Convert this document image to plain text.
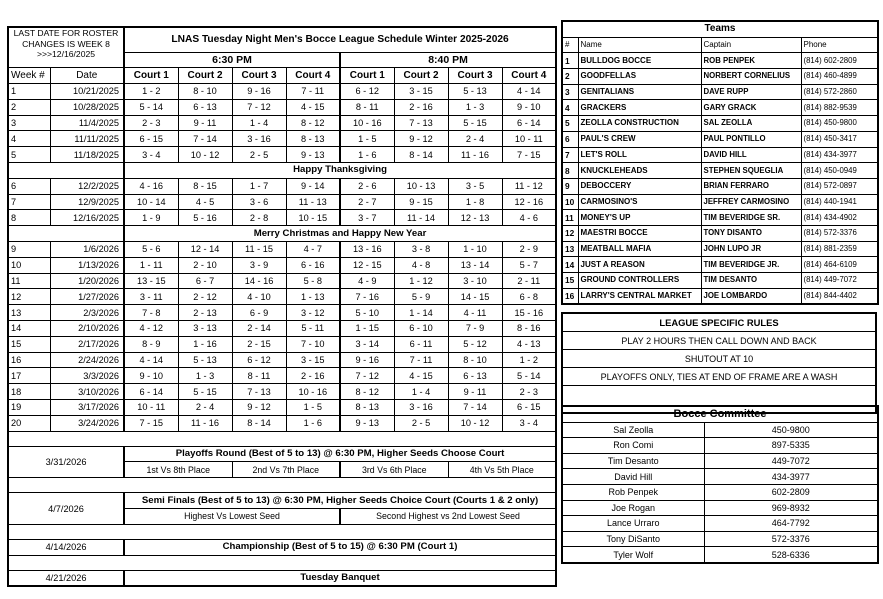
LAST DATE FOR ROSTER
CHANGES IS WEEK 8
>>>12/16/2025		LNAS Tuesday Night Men's Bocce League Schedule Winter 2025-2026							
		6:30 PM				8:40 PM			
Week #	Date	Court 1	Court 2	Court 3	Court 4	Court 1	Court 2	Court 3	Court 4
1	10/21/2025	1 - 2	8 - 10	9 - 16	7 - 11	6 - 12	3 - 15	5 - 13	4 - 14
2	10/28/2025	5 - 14	6 - 13	7 - 12	4 - 15	8 - 11	2 - 16	1 - 3	9 - 10
3	11/4/2025	2 - 3	9 - 11	1 - 4	8 - 12	10 - 16	7 - 13	5 - 15	6 - 14
4	11/11/2025	6 - 15	7 - 14	3 - 16	8 - 13	1 - 5	9 - 12	2 - 4	10 - 11
5	11/18/2025	3 - 4	10 - 12	2 - 5	9 - 13	1 - 6	8 - 14	11 - 16	7 - 15
		Happy Thanksgiving							
6	12/2/2025	4 - 16	8 - 15	1 - 7	9 - 14	2 - 6	10 - 13	3 - 5	11 - 12
7	12/9/2025	10 - 14	4 - 5	3 - 6	11 - 13	2 - 7	9 - 15	1 - 8	12 - 16
8	12/16/2025	1 - 9	5 - 16	2 - 8	10 - 15	3 - 7	11 - 14	12 - 13	4 - 6
		Merry Christmas and Happy New Year							
9	1/6/2026	5 - 6	12 - 14	11 - 15	4 - 7	13 - 16	3 - 8	1 - 10	2 - 9
10	1/13/2026	1 - 11	2 - 10	3 - 9	6 - 16	12 - 15	4 - 8	13 - 14	5 - 7
11	1/20/2026	13 - 15	6 - 7	14 - 16	5 - 8	4 - 9	1 - 12	3 - 10	2 - 11
12	1/27/2026	3 - 11	2 - 12	4 - 10	1 - 13	7 - 16	5 - 9	14 - 15	6 - 8
13	2/3/2026	7 - 8	2 - 13	6 - 9	3 - 12	5 - 10	1 - 14	4 - 11	15 - 16
14	2/10/2026	4 - 12	3 - 13	2 - 14	5 - 11	1 - 15	6 - 10	7 - 9	8 - 16
15	2/17/2026	8 - 9	1 - 16	2 - 15	7 - 10	3 - 14	6 - 11	5 - 12	4 - 13
16	2/24/2026	4 - 14	5 - 13	6 - 12	3 - 15	9 - 16	7 - 11	8 - 10	1 - 2
17	3/3/2026	9 - 10	1 - 3	8 - 11	2 - 16	7 - 12	4 - 15	6 - 13	5 - 14
18	3/10/2026	6 - 14	5 - 15	7 - 13	10 - 16	8 - 12	1 - 4	9 - 11	2 - 3
19	3/17/2026	10 - 11	2 - 4	9 - 12	1 - 5	8 - 13	3 - 16	7 - 14	6 - 15
20	3/24/2026	7 - 15	11 - 16	8 - 14	1 - 6	9 - 13	2 - 5	10 - 12	3 - 4

3/31/2026		Playoffs Round (Best of 5 to 13) @ 6:30 PM, Higher Seeds Choose Court							
		1st Vs 8th Place		2nd Vs 7th Place		3rd Vs 6th Place		4th Vs 5th Place	

4/7/2026		Semi Finals (Best of 5 to 13) @ 6:30 PM, Higher Seeds Choice Court (Courts 1 & 2 only)							
		Highest Vs Lowest Seed				Second Highest vs 2nd Lowest Seed			

4/14/2026		Championship (Best of 5 to 15) @ 6:30 PM (Court 1)							

4/21/2026		Tuesday Banquet							
Teams			
#	Name	Captain	Phone
1	BULLDOG BOCCE	ROB PENPEK	(814) 602-2809
2	GOODFELLAS	NORBERT CORNELIUS	(814) 460-4899
3	GENITALIANS	DAVE RUPP	(814) 572-2860
4	GRACKERS	GARY GRACK	(814) 882-9539
5	ZEOLLA CONSTRUCTION	SAL ZEOLLA	(814) 450-9800
6	PAUL'S CREW	PAUL PONTILLO	(814) 450-3417
7	LET'S ROLL	DAVID HILL	(814) 434-3977
8	KNUCKLEHEADS	STEPHEN SQUEGLIA	(814) 450-0949
9	DEBOCCERY	BRIAN FERRARO	(814) 572-0897
10	CARMOSINO'S	JEFFREY CARMOSINO	(814) 440-1941
11	MONEY'S UP	TIM BEVERIDGE SR.	(814) 434-4902
12	MAESTRI BOCCE	TONY DISANTO	(814) 572-3376
13	MEATBALL MAFIA	JOHN LUPO JR	(814) 881-2359
14	JUST A REASON	TIM BEVERIDGE JR.	(814) 464-6109
15	GROUND CONTROLLERS	TIM DESANTO	(814) 449-7072
16	LARRY'S CENTRAL MARKET	JOE LOMBARDO	(814) 844-4402
LEAGUE SPECIFIC RULES
PLAY 2 HOURS THEN CALL DOWN AND BACK
SHUTOUT AT 10
PLAYOFFS ONLY, TIES AT END OF FRAME ARE A WASH

Bocce Committee	
Sal Zeolla	450-9800
Ron Comi	897-5335
Tim Desanto	449-7072
David Hill	434-3977
Rob Penpek	602-2809
Joe Rogan	969-8932
Lance Urraro	464-7792
Tony DiSanto	572-3376
Tyler Wolf	528-6336
